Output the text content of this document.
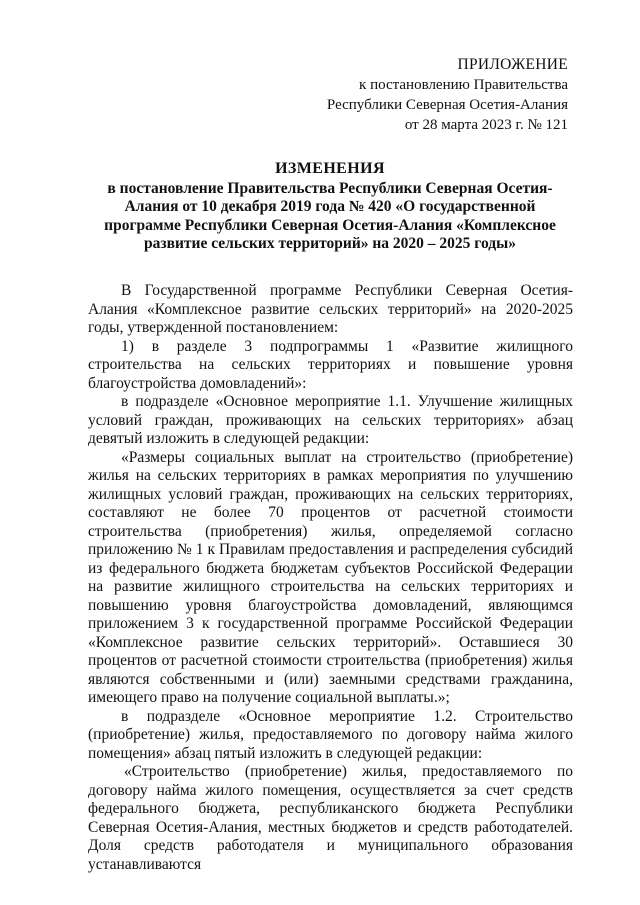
ПРИЛОЖЕНИЕ
к постановлению Правительства
Республики Северная Осетия-Алания
от 28 марта 2023 г. № 121
ИЗМЕНЕНИЯ
в постановление Правительства Республики Северная Осетия-Алания от 10 декабря 2019 года № 420 «О государственной программе Республики Северная Осетия-Алания «Комплексное развитие сельских территорий» на 2020 – 2025 годы»

В Государственной программе Республики Северная Осетия-Алания «Комплексное развитие сельских территорий» на 2020-2025 годы, утвержденной постановлением:

1) в разделе 3 подпрограммы 1 «Развитие жилищного строительства на сельских территориях и повышение уровня благоустройства домовладений»:

в подразделе «Основное мероприятие 1.1. Улучшение жилищных условий граждан, проживающих на сельских территориях» абзац девятый изложить в следующей редакции:

«Размеры социальных выплат на строительство (приобретение) жилья на сельских территориях в рамках мероприятия по улучшению жилищных условий граждан, проживающих на сельских территориях, составляют не более 70 процентов от расчетной стоимости строительства (приобретения) жилья, определяемой согласно приложению № 1 к Правилам предоставления и распределения субсидий из федерального бюджета бюджетам субъектов Российской Федерации на развитие жилищного строительства на сельских территориях и повышению уровня благоустройства домовладений, являющимся приложением 3 к государственной программе Российской Федерации «Комплексное развитие сельских территорий». Оставшиеся 30 процентов от расчетной стоимости строительства (приобретения) жилья являются собственными и (или) заемными средствами гражданина, имеющего право на получение социальной выплаты.»;

в подразделе «Основное мероприятие 1.2. Строительство (приобретение) жилья, предоставляемого по договору найма жилого помещения» абзац пятый изложить в следующей редакции:

«Строительство (приобретение) жилья, предоставляемого по договору найма жилого помещения, осуществляется за счет средств федерального бюджета, республиканского бюджета Республики Северная Осетия-Алания, местных бюджетов и средств работодателей. Доля средств работодателя и муниципального образования устанавливаются
